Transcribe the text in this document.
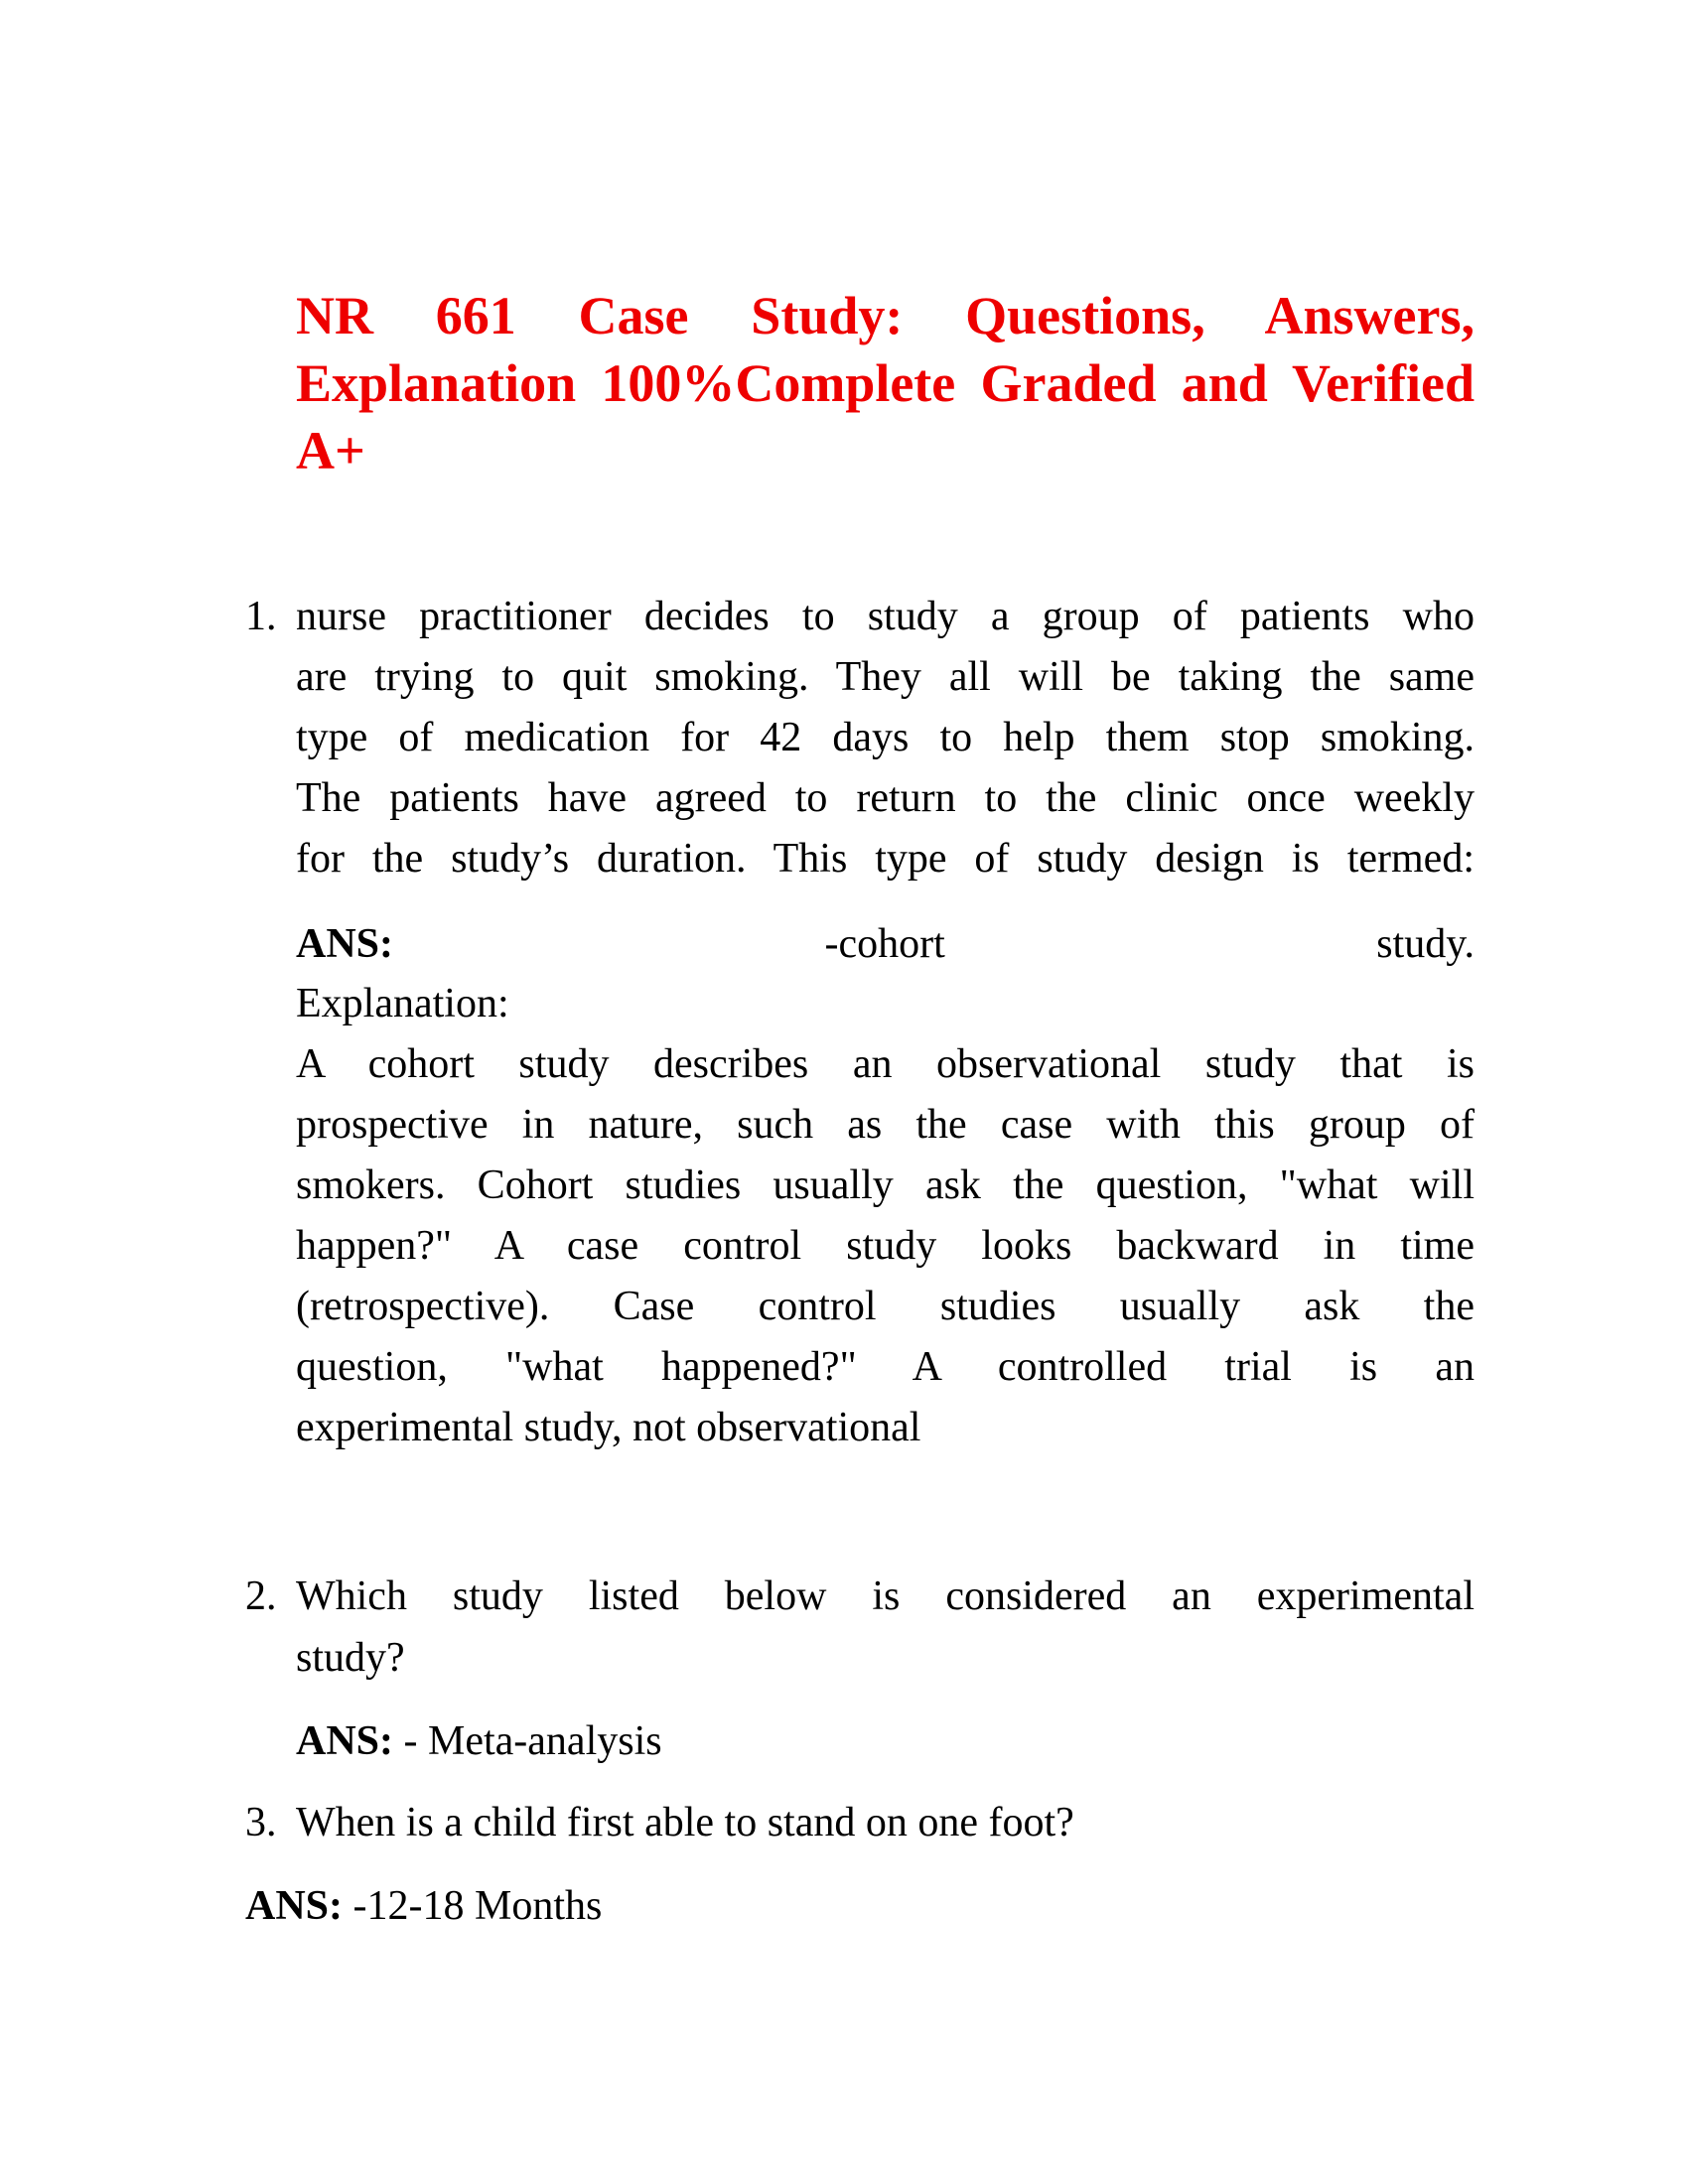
NR 661 Case Study: Questions, Answers,
Explanation 100%Complete Graded and Verified
A+
1. nurse practitioner decides to study a group of patients who
are trying to quit smoking. They all will be taking the same
type of medication for 42 days to help them stop smoking.
The patients have agreed to return to the clinic once weekly
for the study’s duration. This type of study design is termed:
ANS:	-cohort	study.
Explanation:
A cohort study describes an observational study that is
prospective in nature, such as the case with this group of
smokers. Cohort studies usually ask the question, "what will
happen?" A case control study looks backward in time
(retrospective). Case control studies usually ask the
question, "what happened?" A controlled trial is an
experimental study, not observational
2. Which study listed below is considered an experimental
study?
ANS: - Meta-analysis
3. When is a child first able to stand on one foot?
ANS: -12-18 Months
